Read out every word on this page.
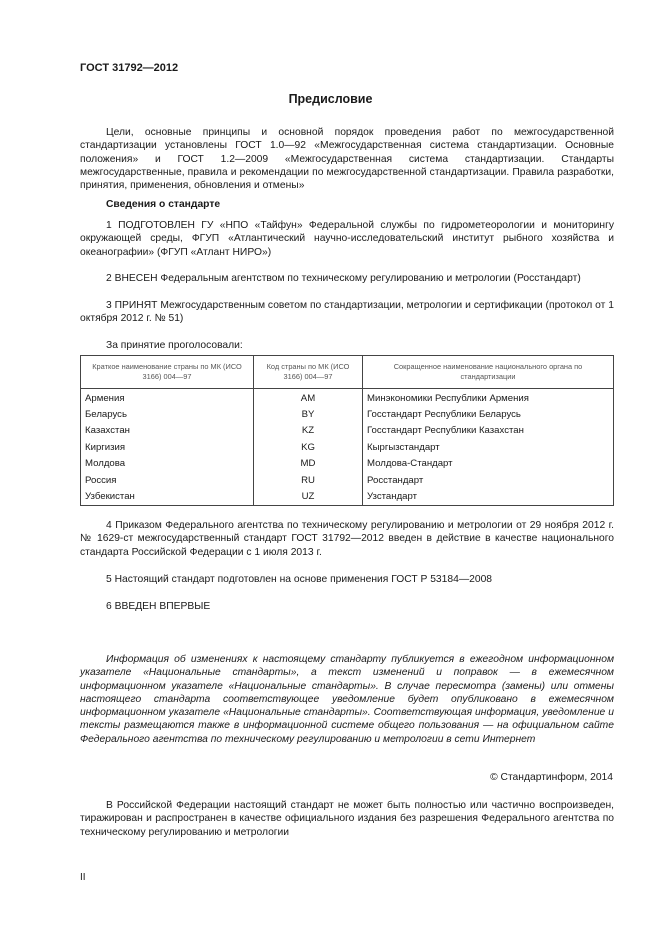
ГОСТ 31792—2012
Предисловие

Цели, основные принципы и основной порядок проведения работ по межгосударственной стандартизации установлены ГОСТ 1.0—92 «Межгосударственная система стандартизации. Основные положения» и ГОСТ 1.2—2009 «Межгосударственная система стандартизации. Стандарты межгосударственные, правила и рекомендации по межгосударственной стандартизации. Правила разработки, принятия, применения, обновления и отмены»

Сведения о стандарте

1 ПОДГОТОВЛЕН ГУ «НПО «Тайфун» Федеральной службы по гидрометеорологии и мониторингу окружающей среды, ФГУП «Атлантический научно-исследовательский институт рыбного хозяйства и океанографии» (ФГУП «Атлант НИРО»)

2 ВНЕСЕН Федеральным агентством по техническому регулированию и метрологии (Росстандарт)

3 ПРИНЯТ Межгосударственным советом по стандартизации, метрологии и сертификации (протокол от 1 октября 2012 г. № 51)

За принятие проголосовали:

Краткое наименование страны по МК (ИСО 3166) 004—97	Код страны по МК (ИСО 3166) 004—97	Сокращенное наименование национального органа по стандартизации
Армения	AM	Минэкономики Республики Армения
Беларусь	BY	Госстандарт Республики Беларусь
Казахстан	KZ	Госстандарт Республики Казахстан
Киргизия	KG	Кыргызстандарт
Молдова	MD	Молдова-Стандарт
Россия	RU	Росстандарт
Узбекистан	UZ	Узстандарт

4 Приказом Федерального агентства по техническому регулированию и метрологии от 29 ноября 2012 г. № 1629-ст межгосударственный стандарт ГОСТ 31792—2012 введен в действие в качестве национального стандарта Российской Федерации с 1 июля 2013 г.

5 Настоящий стандарт подготовлен на основе применения ГОСТ Р 53184—2008

6 ВВЕДЕН ВПЕРВЫЕ

Информация об изменениях к настоящему стандарту публикуется в ежегодном информационном указателе «Национальные стандарты», а текст изменений и поправок — в ежемесячном информационном указателе «Национальные стандарты». В случае пересмотра (замены) или отмены настоящего стандарта соответствующее уведомление будет опубликовано в ежемесячном информационном указателе «Национальные стандарты». Соответствующая информация, уведомление и тексты размещаются также в информационной системе общего пользования — на официальном сайте Федерального агентства по техническому регулированию и метрологии в сети Интернет

© Стандартинформ, 2014

В Российской Федерации настоящий стандарт не может быть полностью или частично воспроизведен, тиражирован и распространен в качестве официального издания без разрешения Федерального агентства по техническому регулированию и метрологии

II
